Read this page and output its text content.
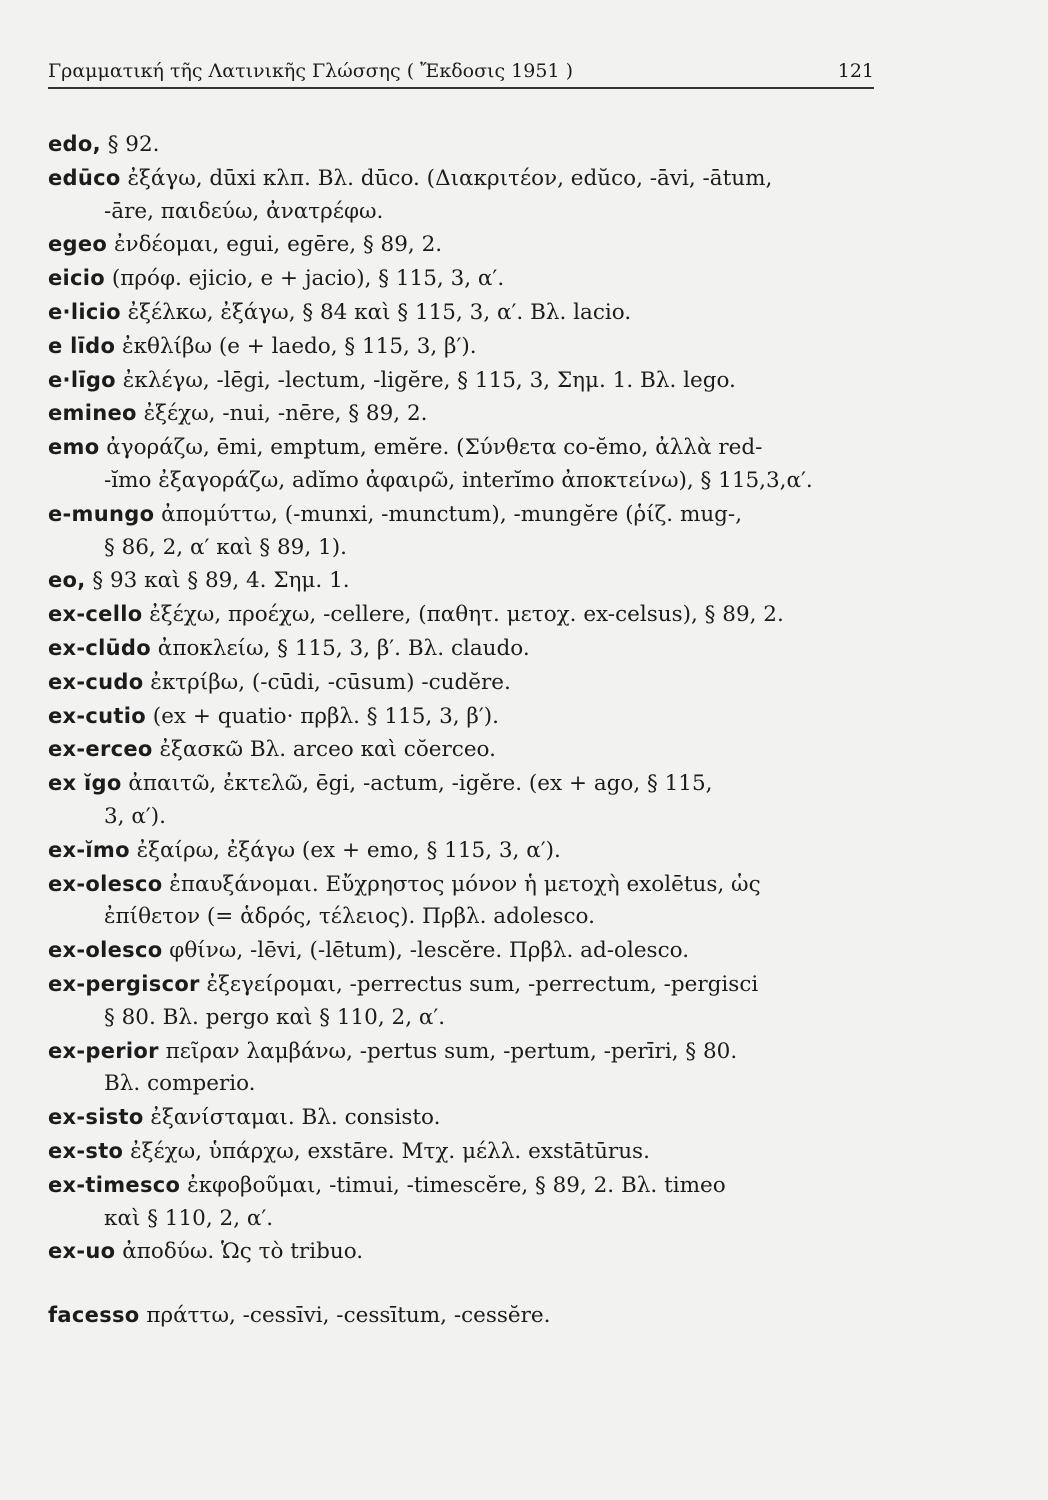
Γραμματική τῆς Λατινικῆς Γλώσσης ( Ἔκδοσις 1951 )	121
edo, § 92.
edūco ἐξάγω, dūxi κλπ. Βλ. dūco. (Διακριτέον, edŭco, -āvi, -ātum,
-āre, παιδεύω, ἀνατρέφω.
egeo ἐνδέομαι, egui, egēre, § 89, 2.
eicio (πρόφ. ejicio, e + jacio), § 115, 3, α′.
e·licio ἐξέλκω, ἐξάγω, § 84 καὶ § 115, 3, α′. Βλ. lacio.
e līdo ἐκθλίβω (e + laedo, § 115, 3, β′).
e·līgo ἐκλέγω, -lēgi, -lectum, -ligĕre, § 115, 3, Σημ. 1. Βλ. lego.
emineo ἐξέχω, -nui, -nēre, § 89, 2.
emo ἀγοράζω, ēmi, emptum, emĕre. (Σύνθετα co-ĕmo, ἀλλὰ red-
-ĭmo ἐξαγοράζω, adĭmo ἀφαιρῶ, interĭmo ἀποκτείνω), § 115,3,α′.
e-mungo ἀπομύττω, (-munxi, -munctum), -mungĕre (ῥίζ. mug-,
§ 86, 2, α′ καὶ § 89, 1).
eo, § 93 καὶ § 89, 4. Σημ. 1.
ex-cello ἐξέχω, προέχω, -cellere, (παθητ. μετοχ. ex-celsus), § 89, 2.
ex-clūdo ἀποκλείω, § 115, 3, β′. Βλ. claudo.
ex-cudo ἐκτρίβω, (-cūdi, -cūsum) -cudĕre.
ex-cutio (ex + quatio· πρβλ. § 115, 3, β′).
ex-erceo ἐξασκῶ Βλ. arceo καὶ cŏerceo.
ex ĭgo ἀπαιτῶ, ἐκτελῶ, ēgi, -actum, -igĕre. (ex + ago, § 115,
3, α′).
ex-ĭmo ἐξαίρω, ἐξάγω (ex + emo, § 115, 3, α′).
ex-olesco ἐπαυξάνομαι. Εὔχρηστος μόνον ἡ μετοχὴ exolētus, ὡς
ἐπίθετον (= ἁδρός, τέλειος). Πρβλ. adolesco.
ex-olesco φθίνω, -lēvi, (-lētum), -lescĕre. Πρβλ. ad-olesco.
ex-pergiscor ἐξεγείρομαι, -perrectus sum, -perrectum, -pergisci
§ 80. Βλ. pergo καὶ § 110, 2, α′.
ex-perior πεῖραν λαμβάνω, -pertus sum, -pertum, -perīri, § 80.
Βλ. comperio.
ex-sisto ἐξανίσταμαι. Βλ. consisto.
ex-sto ἐξέχω, ὑπάρχω, exstāre. Μτχ. μέλλ. exstātūrus.
ex-timesco ἐκφοβοῦμαι, -timui, -timescĕre, § 89, 2. Βλ. timeo
καὶ § 110, 2, α′.
ex-uo ἀποδύω. Ὡς τὸ tribuo.
facesso πράττω, -cessīvi, -cessītum, -cessĕre.
